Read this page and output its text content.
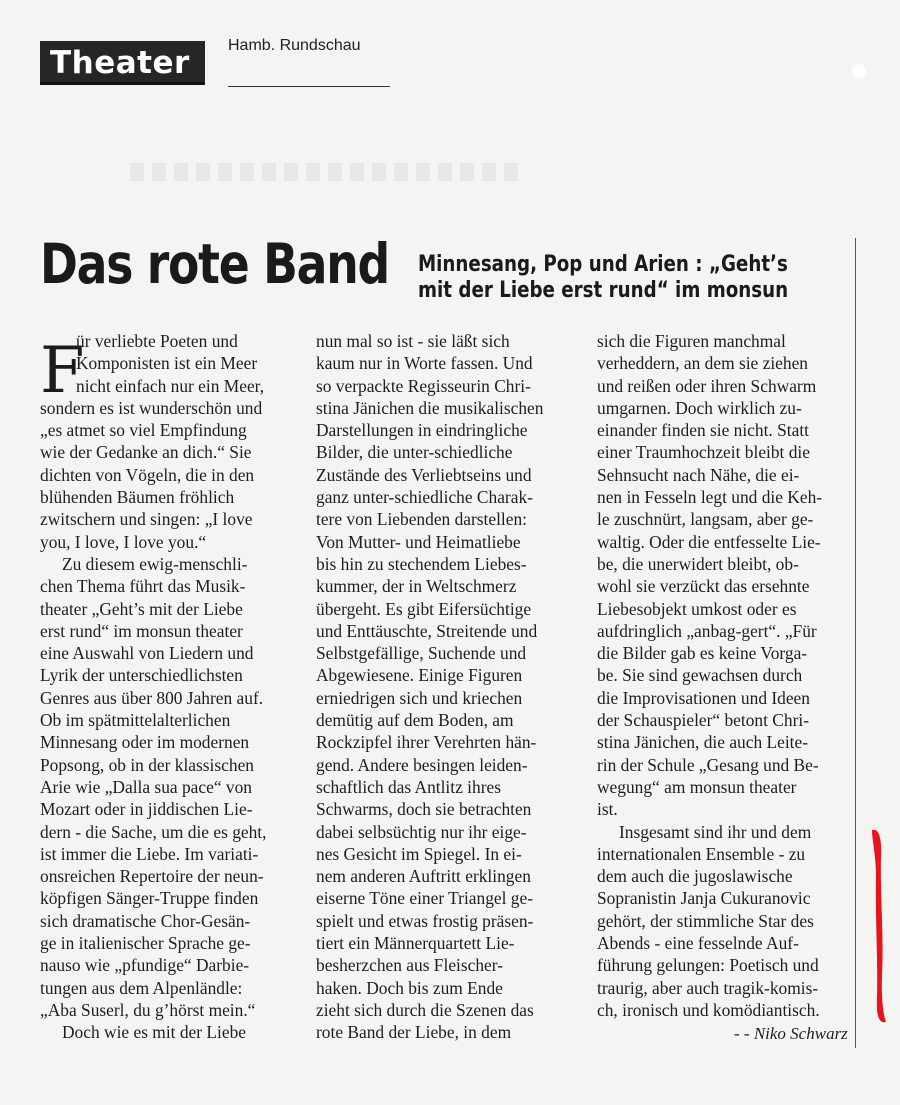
Theater	Hamb. Rundschau
Das rote Band Minnesang, Pop und Arien : „Geht’s
mit der Liebe erst rund“ im monsun
F
ür verliebte Poeten und
Komponisten ist ein Meer
nicht einfach nur ein Meer,
sondern es ist wunderschön und
„es atmet so viel Empfindung
wie der Gedanke an dich.“ Sie
dichten von Vögeln, die in den
blühenden Bäumen fröhlich
zwitschern und singen: „I love
you, I love, I love you.“
Zu diesem ewig-menschli-
chen Thema führt das Musik-
theater „Geht’s mit der Liebe
erst rund“ im monsun theater
eine Auswahl von Liedern und
Lyrik der unterschiedlichsten
Genres aus über 800 Jahren auf.
Ob im spätmittelalterlichen
Minnesang oder im modernen
Popsong, ob in der klassischen
Arie wie „Dalla sua pace“ von
Mozart oder in jiddischen Lie-
dern - die Sache, um die es geht,
ist immer die Liebe. Im variati-
onsreichen Repertoire der neun-
köpfigen Sänger-Truppe finden
sich dramatische Chor-Gesän-
ge in italienischer Sprache ge-
nauso wie „pfundige“ Darbie-
tungen aus dem Alpenländle:
„Aba Suserl, du g’hörst mein.“
Doch wie es mit der Liebe
nun mal so ist - sie läßt sich
kaum nur in Worte fassen. Und
so verpackte Regisseurin Chri-
stina Jänichen die musikalischen
Darstellungen in eindringliche
Bilder, die unter-schiedliche
Zustände des Verliebtseins und
ganz unter-schiedliche Charak-
tere von Liebenden darstellen:
Von Mutter- und Heimatliebe
bis hin zu stechendem Liebes-
kummer, der in Weltschmerz
übergeht. Es gibt Eifersüchtige
und Enttäuschte, Streitende und
Selbstgefällige, Suchende und
Abgewiesene. Einige Figuren
erniedrigen sich und kriechen
demütig auf dem Boden, am
Rockzipfel ihrer Verehrten hän-
gend. Andere besingen leiden-
schaftlich das Antlitz ihres
Schwarms, doch sie betrachten
dabei selbsüchtig nur ihr eige-
nes Gesicht im Spiegel. In ei-
nem anderen Auftritt erklingen
eiserne Töne einer Triangel ge-
spielt und etwas frostig präsen-
tiert ein Männerquartett Lie-
besherzchen aus Fleischer-
haken. Doch bis zum Ende
zieht sich durch die Szenen das
rote Band der Liebe, in dem
sich die Figuren manchmal
verheddern, an dem sie ziehen
und reißen oder ihren Schwarm
umgarnen. Doch wirklich zu-
einander finden sie nicht. Statt
einer Traumhochzeit bleibt die
Sehnsucht nach Nähe, die ei-
nen in Fesseln legt und die Keh-
le zuschnürt, langsam, aber ge-
waltig. Oder die entfesselte Lie-
be, die unerwidert bleibt, ob-
wohl sie verzückt das ersehnte
Liebesobjekt umkost oder es
aufdringlich „anbag-gert“. „Für
die Bilder gab es keine Vorga-
be. Sie sind gewachsen durch
die Improvisationen und Ideen
der Schauspieler“ betont Chri-
stina Jänichen, die auch Leite-
rin der Schule „Gesang und Be-
wegung“ am monsun theater
ist.
Insgesamt sind ihr und dem
internationalen Ensemble - zu
dem auch die jugoslawische
Sopranistin Janja Cukuranovic
gehört, der stimmliche Star des
Abends - eine fesselnde Auf-
führung gelungen: Poetisch und
traurig, aber auch tragik-komis-
ch, ironisch und komödiantisch.
- - Niko Schwarz
